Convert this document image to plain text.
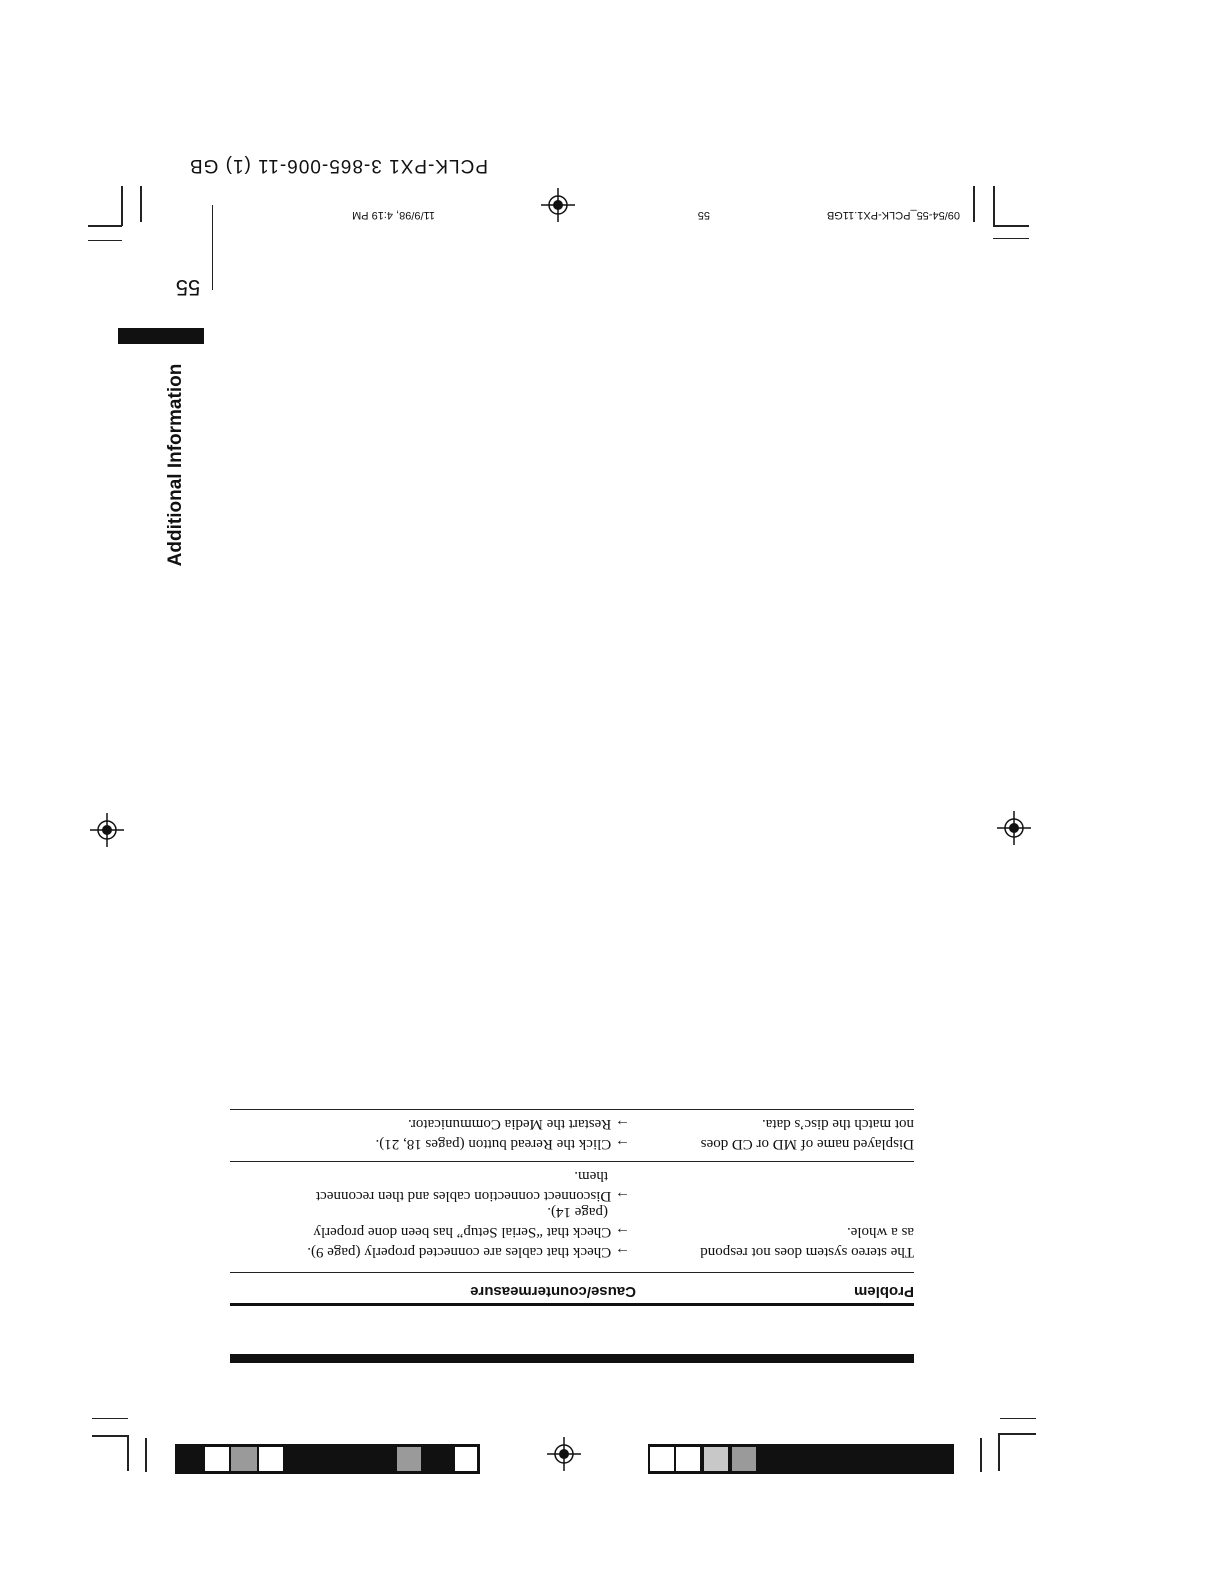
PCLK-PX1 3-865-006-11 (1) GB
11/9/98, 4:19 PM	55	09/54-55_PCLK-PX1.11GB
55
Additional Information
Problem
Cause/countermeasure
The stereo system does not respond
as a whole.
→ Check that cables are connected properly (page 9).
→ Check that “Serial Setup” has been done properly
(page 14).
→ Disconnect connection cables and then reconnect
them.
Displayed name of MD or CD does
not match the disc’s data.
→ Click the Reread button (pages 18, 21).
→ Restart the Media Communicator.
